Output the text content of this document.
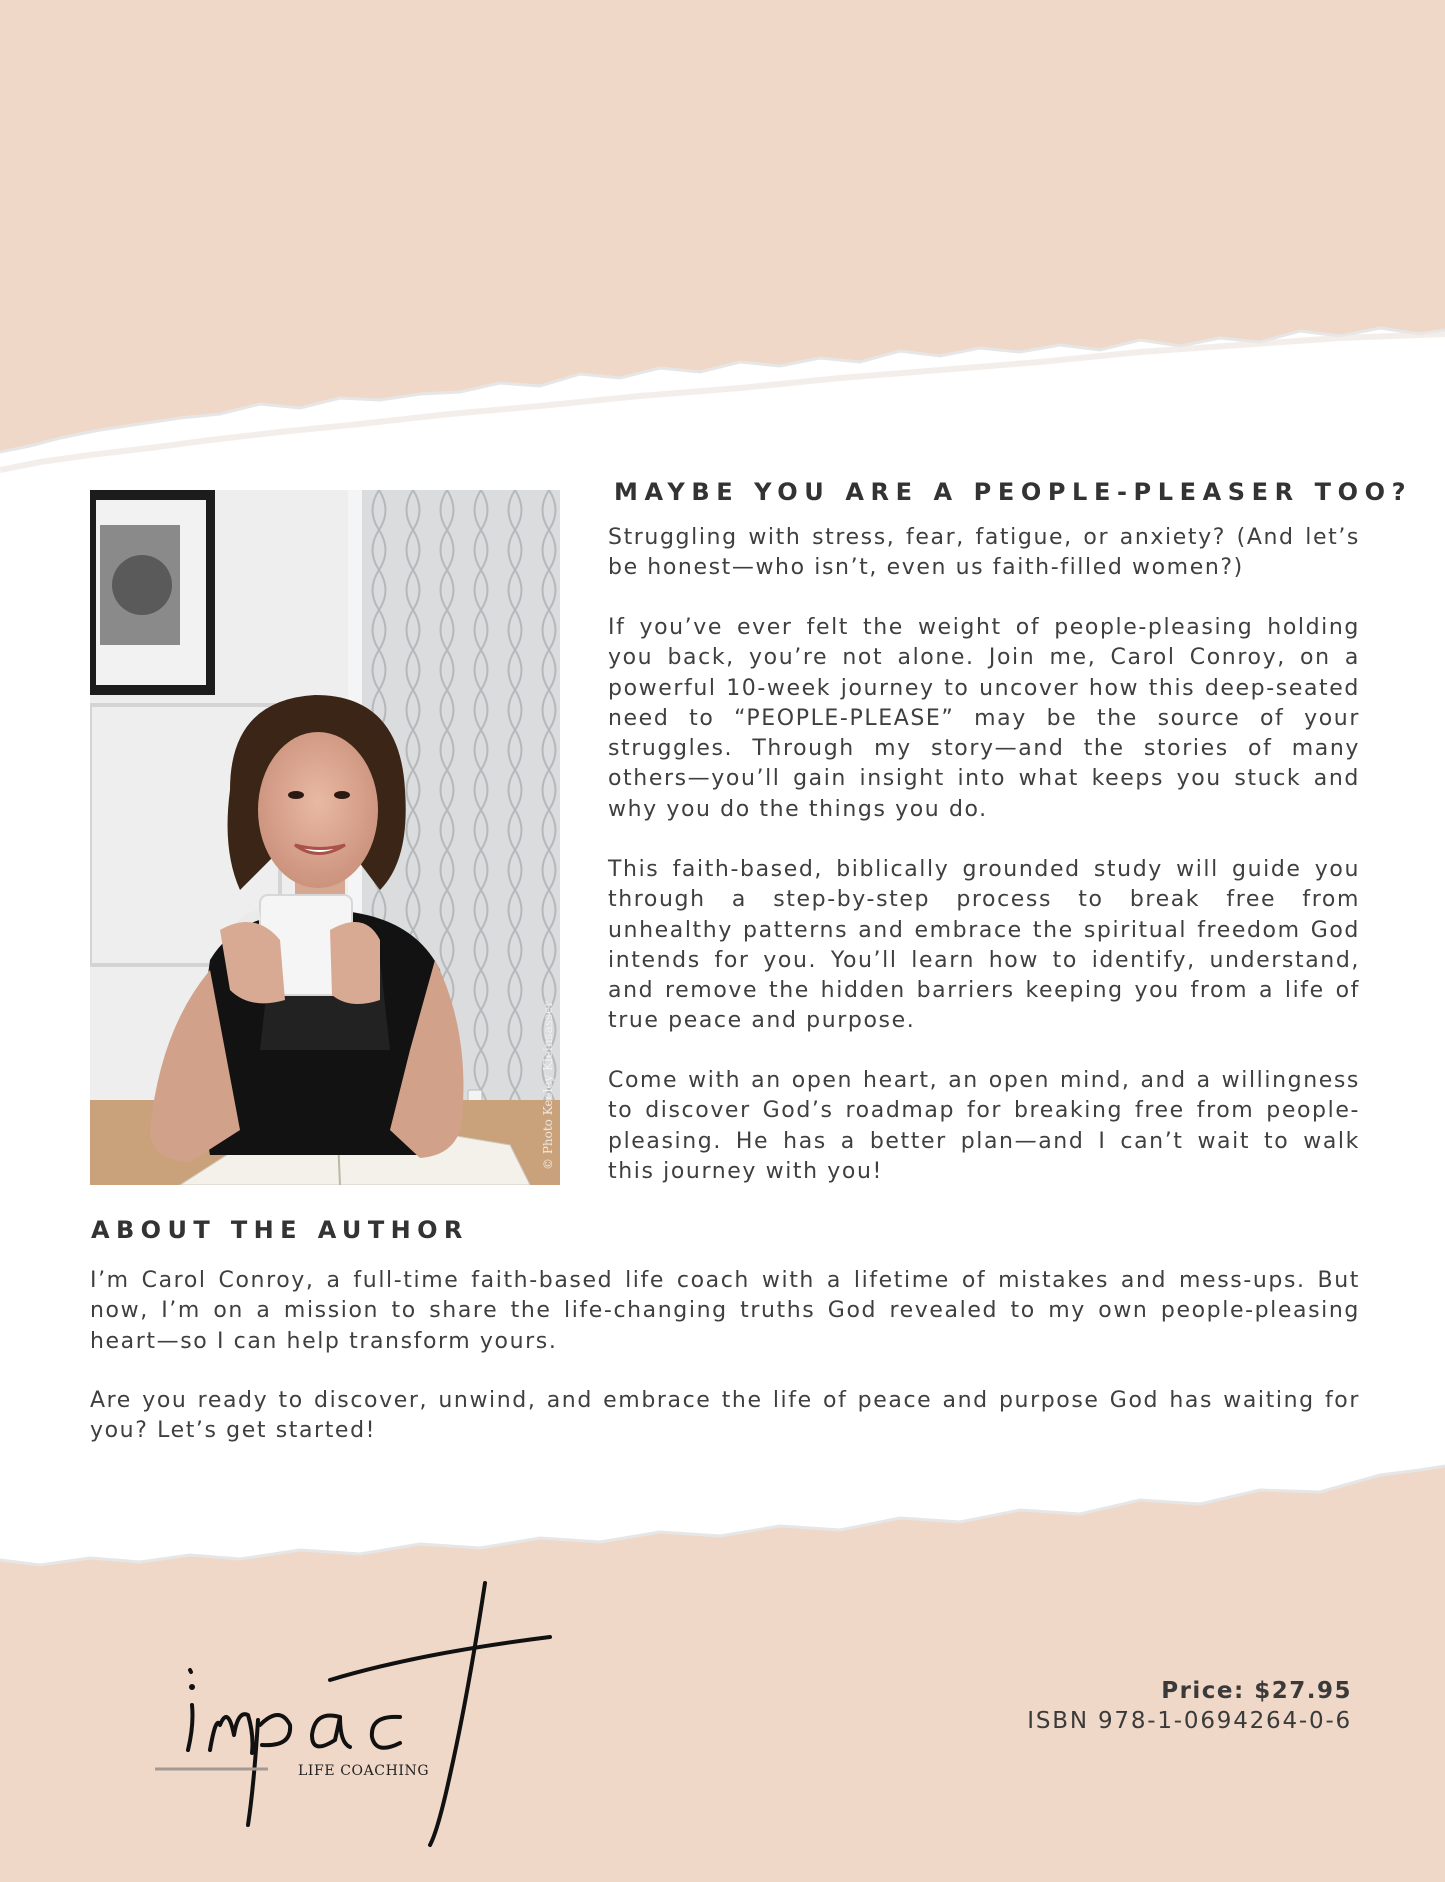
© Photo Keeley Kleinsasser
MAYBE YOU ARE A PEOPLE-PLEASER TOO?

Struggling with stress, fear, fatigue, or anxiety? (And let’s be honest—who isn’t, even us faith-filled women?)

If you’ve ever felt the weight of people-pleasing holding you back, you’re not alone. Join me, Carol Conroy, on a powerful 10-week journey to uncover how this deep-seated need to “PEOPLE-PLEASE” may be the source of your struggles. Through my story—and the stories of many others—you’ll gain insight into what keeps you stuck and why you do the things you do.

This faith-based, biblically grounded study will guide you through a step-by-step process to break free from unhealthy patterns and embrace the spiritual freedom God intends for you. You’ll learn how to identify, understand, and remove the hidden barriers keeping you from a life of true peace and purpose.

Come with an open heart, an open mind, and a willingness to discover God’s roadmap for breaking free from people-pleasing. He has a better plan—and I can’t wait to walk this journey with you!

ABOUT THE AUTHOR

I’m Carol Conroy, a full-time faith-based life coach with a lifetime of mistakes and mess-ups. But now, I’m on a mission to share the life-changing truths God revealed to my own people-pleasing heart—so I can help transform yours.

Are you ready to discover, unwind, and embrace the life of peace and purpose God has waiting for you? Let’s get started!

LIFE COACHING
Price: $27.95
ISBN 978-1-0694264-0-6
